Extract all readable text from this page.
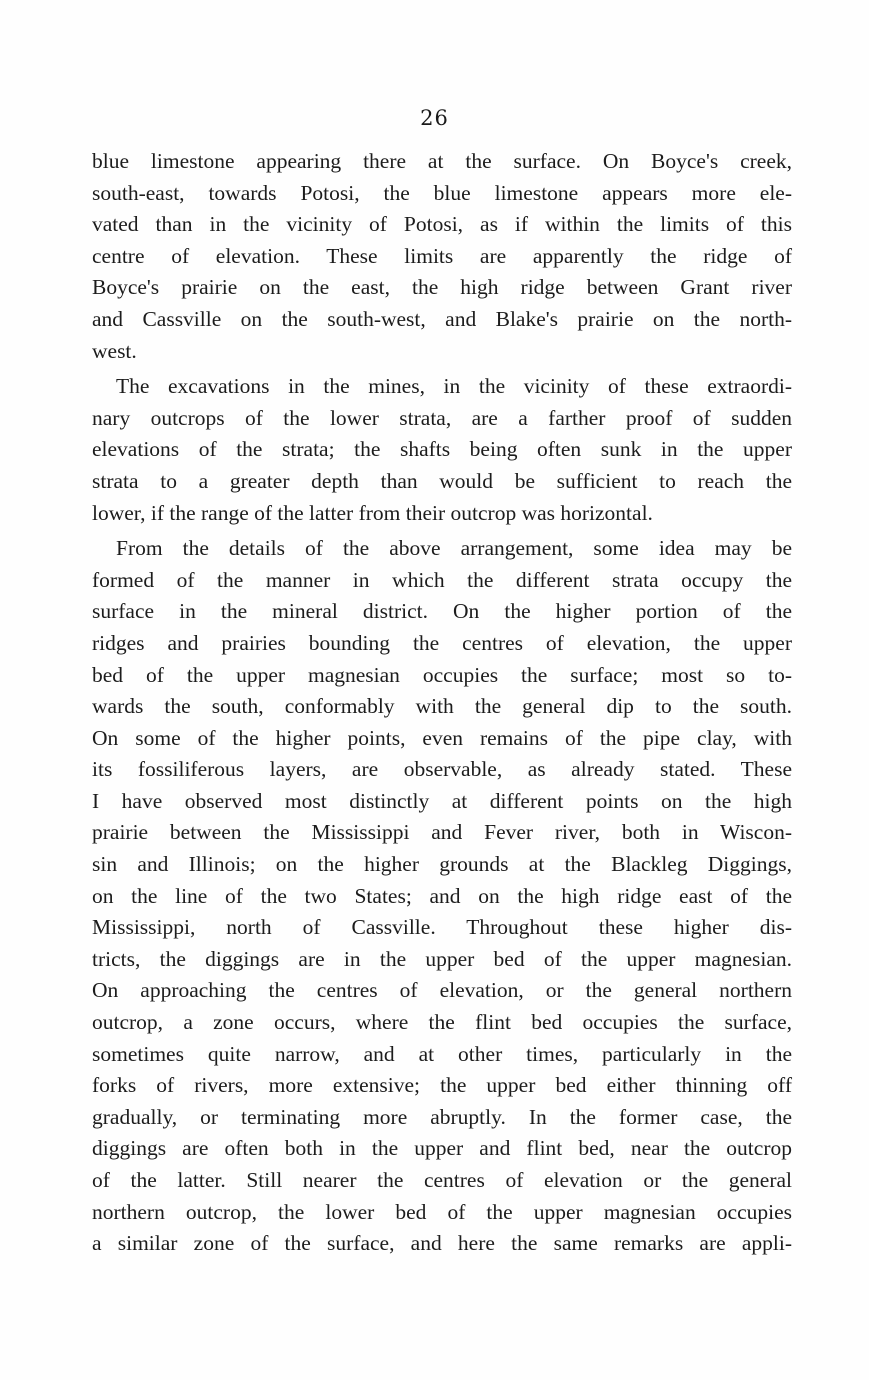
26
blue limestone appearing there at the surface. On Boyce's creek,
south-east, towards Potosi, the blue limestone appears more ele-
vated than in the vicinity of Potosi, as if within the limits of this
centre of elevation. These limits are apparently the ridge of
Boyce's prairie on the east, the high ridge between Grant river
and Cassville on the south-west, and Blake's prairie on the north-
west.
The excavations in the mines, in the vicinity of these extraordi-
nary outcrops of the lower strata, are a farther proof of sudden
elevations of the strata; the shafts being often sunk in the upper
strata to a greater depth than would be sufficient to reach the
lower, if the range of the latter from their outcrop was horizontal.
From the details of the above arrangement, some idea may be
formed of the manner in which the different strata occupy the
surface in the mineral district. On the higher portion of the
ridges and prairies bounding the centres of elevation, the upper
bed of the upper magnesian occupies the surface; most so to-
wards the south, conformably with the general dip to the south.
On some of the higher points, even remains of the pipe clay, with
its fossiliferous layers, are observable, as already stated. These
I have observed most distinctly at different points on the high
prairie between the Mississippi and Fever river, both in Wiscon-
sin and Illinois; on the higher grounds at the Blackleg Diggings,
on the line of the two States; and on the high ridge east of the
Mississippi, north of Cassville. Throughout these higher dis-
tricts, the diggings are in the upper bed of the upper magnesian.
On approaching the centres of elevation, or the general northern
outcrop, a zone occurs, where the flint bed occupies the surface,
sometimes quite narrow, and at other times, particularly in the
forks of rivers, more extensive; the upper bed either thinning off
gradually, or terminating more abruptly. In the former case, the
diggings are often both in the upper and flint bed, near the outcrop
of the latter. Still nearer the centres of elevation or the general
northern outcrop, the lower bed of the upper magnesian occupies
a similar zone of the surface, and here the same remarks are appli-
